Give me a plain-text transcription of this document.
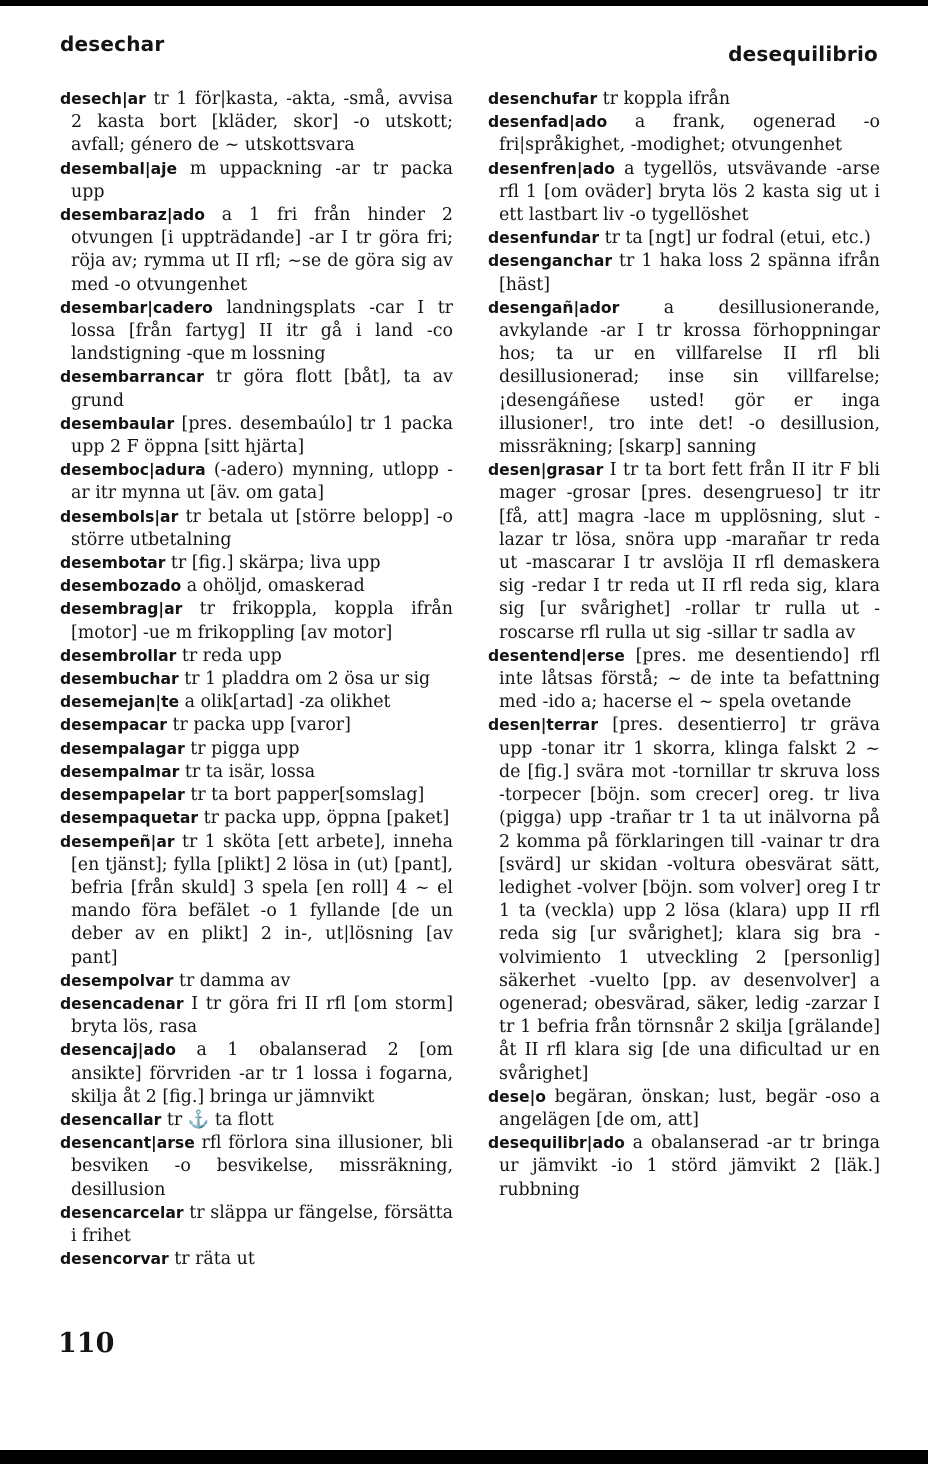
desechar	desequilibrio
desech|ar tr 1 för|kasta, -akta, -små, avvisa 2 kasta bort [kläder, skor] -o utskott; avfall; género de ~ utskottsvara
desembal|aje m uppackning -ar tr packa upp
desembaraz|ado a 1 fri från hinder 2 otvungen [i uppträdande] -ar I tr göra fri; röja av; rymma ut II rfl; ~se de göra sig av med -o otvungenhet
desembar|cadero landningsplats -car I tr lossa [från fartyg] II itr gå i land -co landstigning -que m lossning
desembarrancar tr göra flott [båt], ta av grund
desembaular [pres. desembaúlo] tr 1 packa upp 2 F öppna [sitt hjärta]
desemboc|adura (-adero) mynning, utlopp -ar itr mynna ut [äv. om gata]
desembols|ar tr betala ut [större belopp] -o större utbetalning
desembotar tr [fig.] skärpa; liva upp
desembozado a ohöljd, omaskerad
desembrag|ar tr frikoppla, koppla ifrån [motor] -ue m frikoppling [av motor]
desembrollar tr reda upp
desembuchar tr 1 pladdra om 2 ösa ur sig
desemejan|te a olik[artad] -za olikhet
desempacar tr packa upp [varor]
desempalagar tr pigga upp
desempalmar tr ta isär, lossa
desempapelar tr ta bort papper[somslag]
desempaquetar tr packa upp, öppna [paket]
desempeñ|ar tr 1 sköta [ett arbete], inneha [en tjänst]; fylla [plikt] 2 lösa in (ut) [pant], befria [från skuld] 3 spela [en roll] 4 ~ el mando föra befälet -o 1 fyllande [de un deber av en plikt] 2 in-, ut|lösning [av pant]
desempolvar tr damma av
desencadenar I tr göra fri II rfl [om storm] bryta lös, rasa
desencaj|ado a 1 obalanserad 2 [om ansikte] förvriden -ar tr 1 lossa i fogarna, skilja åt 2 [fig.] bringa ur jämnvikt
desencallar tr ⚓ ta flott
desencant|arse rfl förlora sina illusioner, bli besviken -o besvikelse, missräkning, desillusion
desencarcelar tr släppa ur fängelse, försätta i frihet
desencorvar tr räta ut
desenchufar tr koppla ifrån
desenfad|ado a frank, ogenerad -o fri|språkighet, -modighet; otvungenhet
desenfren|ado a tygellös, utsvävande -arse rfl 1 [om oväder] bryta lös 2 kasta sig ut i ett lastbart liv -o tygellöshet
desenfundar tr ta [ngt] ur fodral (etui, etc.)
desenganchar tr 1 haka loss 2 spänna ifrån [häst]
desengañ|ador a desillusionerande, avkylande -ar I tr krossa förhoppningar hos; ta ur en villfarelse II rfl bli desillusionerad; inse sin villfarelse; ¡desengáñese usted! gör er inga illusioner!, tro inte det! -o desillusion, missräkning; [skarp] sanning
desen|grasar I tr ta bort fett från II itr F bli mager -grosar [pres. desengrueso] tr itr [få, att] magra -lace m upplösning, slut -lazar tr lösa, snöra upp -marañar tr reda ut -mascarar I tr avslöja II rfl demaskera sig -redar I tr reda ut II rfl reda sig, klara sig [ur svårighet] -rollar tr rulla ut -roscarse rfl rulla ut sig -sillar tr sadla av
desentend|erse [pres. me desentiendo] rfl inte låtsas förstå; ~ de inte ta befattning med -ido a; hacerse el ~ spela ovetande
desen|terrar [pres. desentierro] tr gräva upp -tonar itr 1 skorra, klinga falskt 2 ~ de [fig.] svära mot -tornillar tr skruva loss -torpecer [böjn. som crecer] oreg. tr liva (pigga) upp -trañar tr 1 ta ut inälvorna på 2 komma på förklaringen till -vainar tr dra [svärd] ur skidan -voltura obesvärat sätt, ledighet -volver [böjn. som volver] oreg I tr 1 ta (veckla) upp 2 lösa (klara) upp II rfl reda sig [ur svårighet]; klara sig bra -volvimiento 1 utveckling 2 [personlig] säkerhet -vuelto [pp. av desenvolver] a ogenerad; obesvärad, säker, ledig -zarzar I tr 1 befria från törnsnår 2 skilja [grälande] åt II rfl klara sig [de una dificultad ur en svårighet]
dese|o begäran, önskan; lust, begär -oso a angelägen [de om, att]
desequilibr|ado a obalanserad -ar tr bringa ur jämvikt -io 1 störd jämvikt 2 [läk.] rubbning
110
